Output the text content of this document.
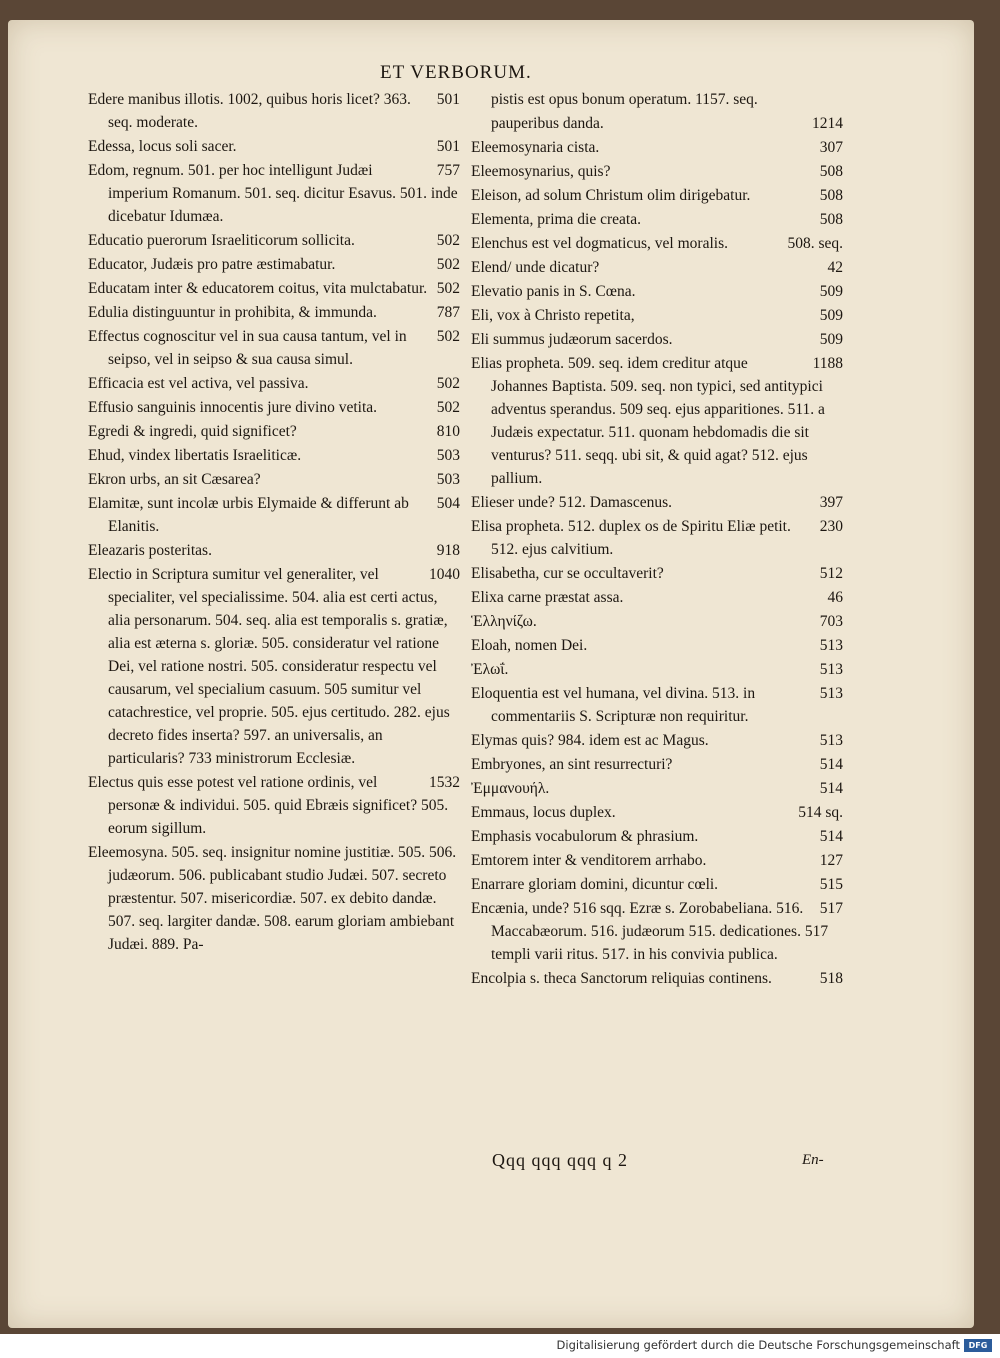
ET VERBORUM.
501
Edere manibus illotis. 1002, quibus horis licet? 363. seq. moderate.
501
Edessa, locus soli sacer.
757
Edom, regnum. 501. per hoc intelligunt Judæi imperium Romanum. 501. seq. dicitur Esavus. 501. inde dicebatur Idumæa.
502
Educatio puerorum Israeliticorum sollicita.
502
Educator, Judæis pro patre æstimabatur.
502
Educatam inter & educatorem coitus, vita mulctabatur.
787
Edulia distinguuntur in prohibita, & immunda.
502
Effectus cognoscitur vel in sua causa tantum, vel in seipso, vel in seipso & sua causa simul.
502
Efficacia est vel activa, vel passiva.
502
Effusio sanguinis innocentis jure divino vetita.
810
Egredi & ingredi, quid significet?
503
Ehud, vindex libertatis Israeliticæ.
503
Ekron urbs, an sit Cæsarea?
504
Elamitæ, sunt incolæ urbis Elymaide & differunt ab Elanitis.
918
Eleazaris posteritas.
1040
Electio in Scriptura sumitur vel generaliter, vel specialiter, vel specialissime. 504. alia est certi actus, alia personarum. 504. seq. alia est temporalis s. gratiæ, alia est æterna s. gloriæ. 505. consideratur vel ratione Dei, vel ratione nostri. 505. consideratur respectu vel causarum, vel specialium casuum. 505 sumitur vel catachrestice, vel proprie. 505. ejus certitudo. 282. ejus decreto fides inserta? 597. an universalis, an particularis? 733 ministrorum Ecclesiæ.
1532
Electus quis esse potest vel ratione ordinis, vel personæ & individui. 505. quid Ebræis significet? 505. eorum sigillum.
Eleemosyna. 505. seq. insignitur nomine justitiæ. 505. 506. judæorum. 506. publicabant studio Judæi. 507. secreto præstentur. 507. misericordiæ. 507. ex debito dandæ. 507. seq. largiter dandæ. 508. earum gloriam ambiebant Judæi. 889. Pa-
pistis est opus bonum operatum. 1157. seq.
1214
pauperibus danda.
307
Eleemosynaria cista.
508
Eleemosynarius, quis?
508
Eleison, ad solum Christum olim dirigebatur.
508
Elementa, prima die creata.
508. seq.
Elenchus est vel dogmaticus, vel moralis.
42
Elend/ unde dicatur?
509
Elevatio panis in S. Cœna.
509
Eli, vox à Christo repetita,
509
Eli summus judæorum sacerdos.
1188
Elias propheta. 509. seq. idem creditur atque Johannes Baptista. 509. seq. non typici, sed antitypici adventus sperandus. 509 seq. ejus apparitiones. 511. a Judæis expectatur. 511. quonam hebdomadis die sit venturus? 511. seqq. ubi sit, & quid agat? 512. ejus pallium.
397
Elieser unde? 512. Damascenus.
230
Elisa propheta. 512. duplex os de Spiritu Eliæ petit. 512. ejus calvitium.
512
Elisabetha, cur se occultaverit?
46
Elixa carne præstat assa.
703
Ἑλληνίζω.
513
Eloah, nomen Dei.
513
Ἐλωΐ.
513
Eloquentia est vel humana, vel divina. 513. in commentariis S. Scripturæ non requiritur.
513
Elymas quis? 984. idem est ac Magus.
514
Embryones, an sint resurrecturi?
514
Ἐμμανουήλ.
514 sq.
Emmaus, locus duplex.
514
Emphasis vocabulorum & phrasium.
127
Emtorem inter & venditorem arrhabo.
515
Enarrare gloriam domini, dicuntur cœli.
517
Encænia, unde? 516 sqq. Ezræ s. Zorobabeliana. 516. Maccabæorum. 516. judæorum 515. dedicationes. 517 templi varii ritus. 517. in his convivia publica.
518
Encolpia s. theca Sanctorum reliquias continens.
Qqq qqq qqq q 2	En-
Digitalisierung gefördert durch die Deutsche Forschungsgemeinschaft	DFG
